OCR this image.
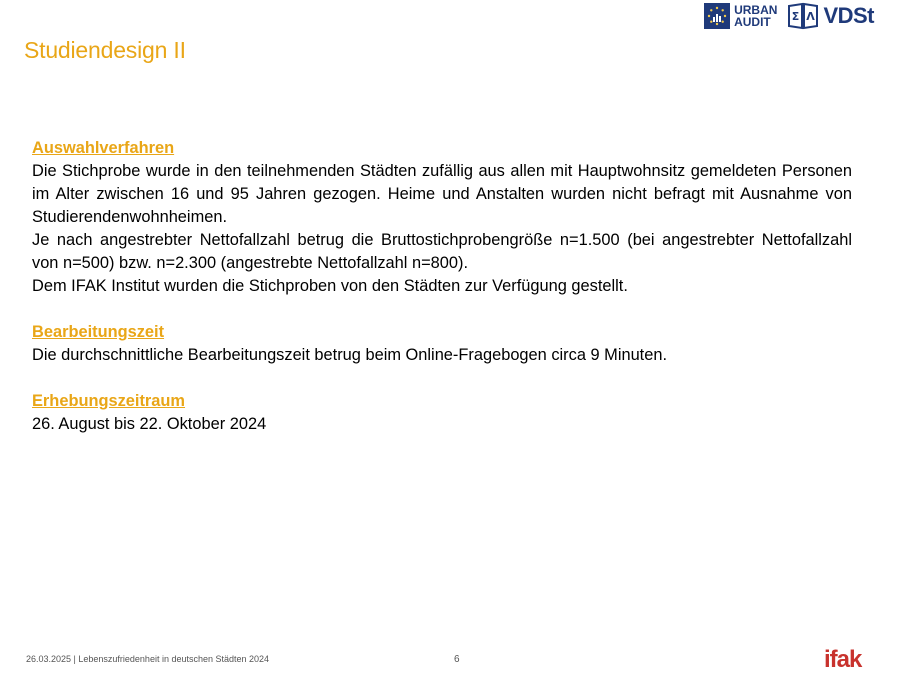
Studiendesign II
URBAN
AUDIT	Σ Λ VDSt
Auswahlverfahren
Die Stichprobe wurde in den teilnehmenden Städten zufällig aus allen mit Hauptwohnsitz gemeldeten Personen im Alter zwischen 16 und 95 Jahren gezogen. Heime und Anstalten wurden nicht befragt mit Ausnahme von Studierendenwohnheimen.
Je nach angestrebter Nettofallzahl betrug die Bruttostichprobengröße n=1.500 (bei angestrebter Nettofallzahl von n=500) bzw. n=2.300 (angestrebte Nettofallzahl n=800).
Dem IFAK Institut wurden die Stichproben von den Städten zur Verfügung gestellt.
Bearbeitungszeit
Die durchschnittliche Bearbeitungszeit betrug beim Online-Fragebogen circa 9 Minuten.
Erhebungszeitraum
26. August bis 22. Oktober 2024
26.03.2025 | Lebenszufriedenheit in deutschen Städten 2024	6	ifak
